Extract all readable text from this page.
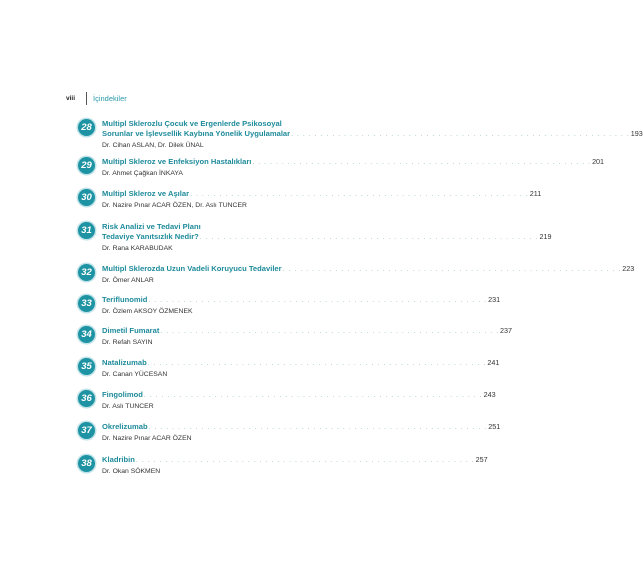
viii	İçindekiler
28	Multipl Sklerozlu Çocuk ve Ergenlerde Psikosoyal
Sorunlar ve İşlevsellik Kaybına Yönelik Uygulamalar . . . . . . . . . . . . . . . . . . . . . . . . . . . . . . . . . . . . . . . . . . . . . . . . . . . . . . . . . . 193
Dr. Cihan ASLAN, Dr. Dilek ÜNAL
29	Multipl Skleroz ve Enfeksiyon Hastalıkları . . . . . . . . . . . . . . . . . . . . . . . . . . . . . . . . . . . . . . . . . . . . . . . . . . . . . . . . . . 201
Dr. Ahmet Çağkan İNKAYA
30	Multipl Skleroz ve Aşılar . . . . . . . . . . . . . . . . . . . . . . . . . . . . . . . . . . . . . . . . . . . . . . . . . . . . . . . . . . 211
Dr. Nazire Pınar ACAR ÖZEN, Dr. Aslı TUNCER
31	Risk Analizi ve Tedavi Planı
Tedaviye Yanıtsızlık Nedir? . . . . . . . . . . . . . . . . . . . . . . . . . . . . . . . . . . . . . . . . . . . . . . . . . . . . . . . . . . 219
Dr. Rana KARABUDAK
32	Multipl Sklerozda Uzun Vadeli Koruyucu Tedaviler . . . . . . . . . . . . . . . . . . . . . . . . . . . . . . . . . . . . . . . . . . . . . . . . . . . . . . . . . . 223
Dr. Ömer ANLAR
33	Teriflunomid . . . . . . . . . . . . . . . . . . . . . . . . . . . . . . . . . . . . . . . . . . . . . . . . . . . . . . . . . . 231
Dr. Özlem AKSOY ÖZMENEK
34	Dimetil Fumarat . . . . . . . . . . . . . . . . . . . . . . . . . . . . . . . . . . . . . . . . . . . . . . . . . . . . . . . . . . 237
Dr. Refah SAYIN
35	Natalizumab . . . . . . . . . . . . . . . . . . . . . . . . . . . . . . . . . . . . . . . . . . . . . . . . . . . . . . . . . . 241
Dr. Canan YÜCESAN
36	Fingolimod . . . . . . . . . . . . . . . . . . . . . . . . . . . . . . . . . . . . . . . . . . . . . . . . . . . . . . . . . . 243
Dr. Aslı TUNCER
37	Okrelizumab . . . . . . . . . . . . . . . . . . . . . . . . . . . . . . . . . . . . . . . . . . . . . . . . . . . . . . . . . . 251
Dr. Nazire Pınar ACAR ÖZEN
38	Kladribin . . . . . . . . . . . . . . . . . . . . . . . . . . . . . . . . . . . . . . . . . . . . . . . . . . . . . . . . . . 257
Dr. Okan SÖKMEN
